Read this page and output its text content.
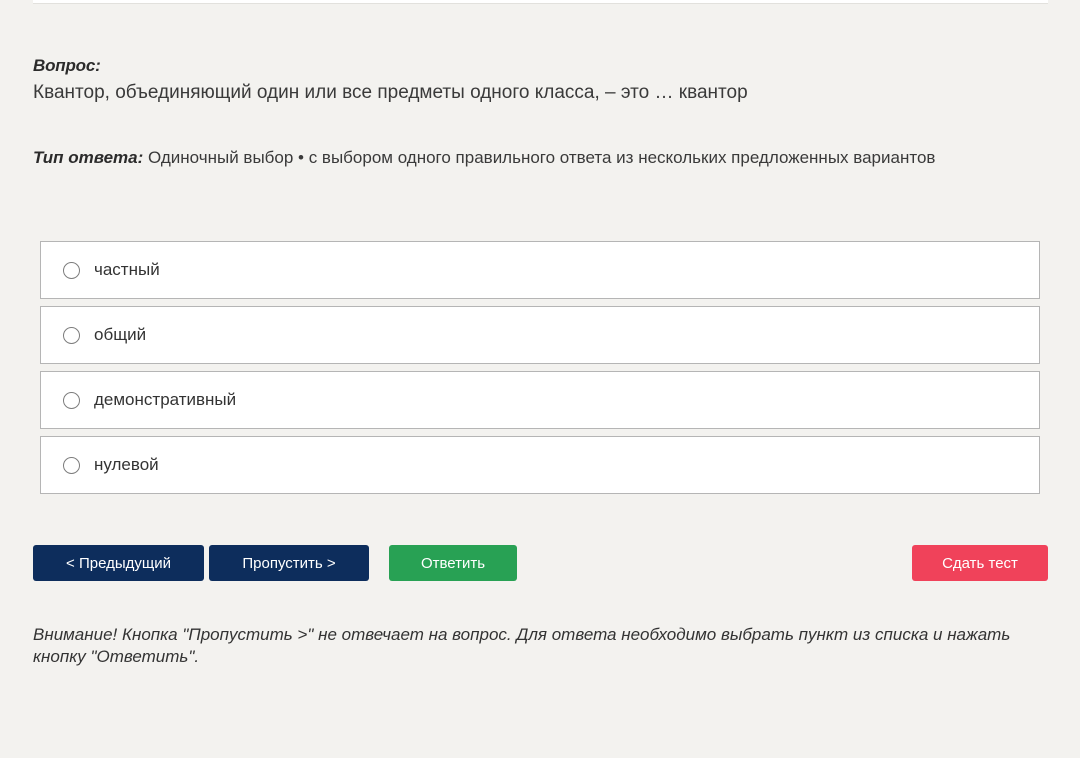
Вопрос:
Квантор, объединяющий один или все предметы одного класса, – это … квантор
Тип ответа: Одиночный выбор • с выбором одного правильного ответа из нескольких предложенных вариантов
частный
общий
демонстративный
нулевой
< Предыдущий	Пропустить >	Ответить	Сдать тест
Внимание! Кнопка "Пропустить >" не отвечает на вопрос. Для ответа необходимо выбрать пункт из списка и нажать кнопку "Ответить".
